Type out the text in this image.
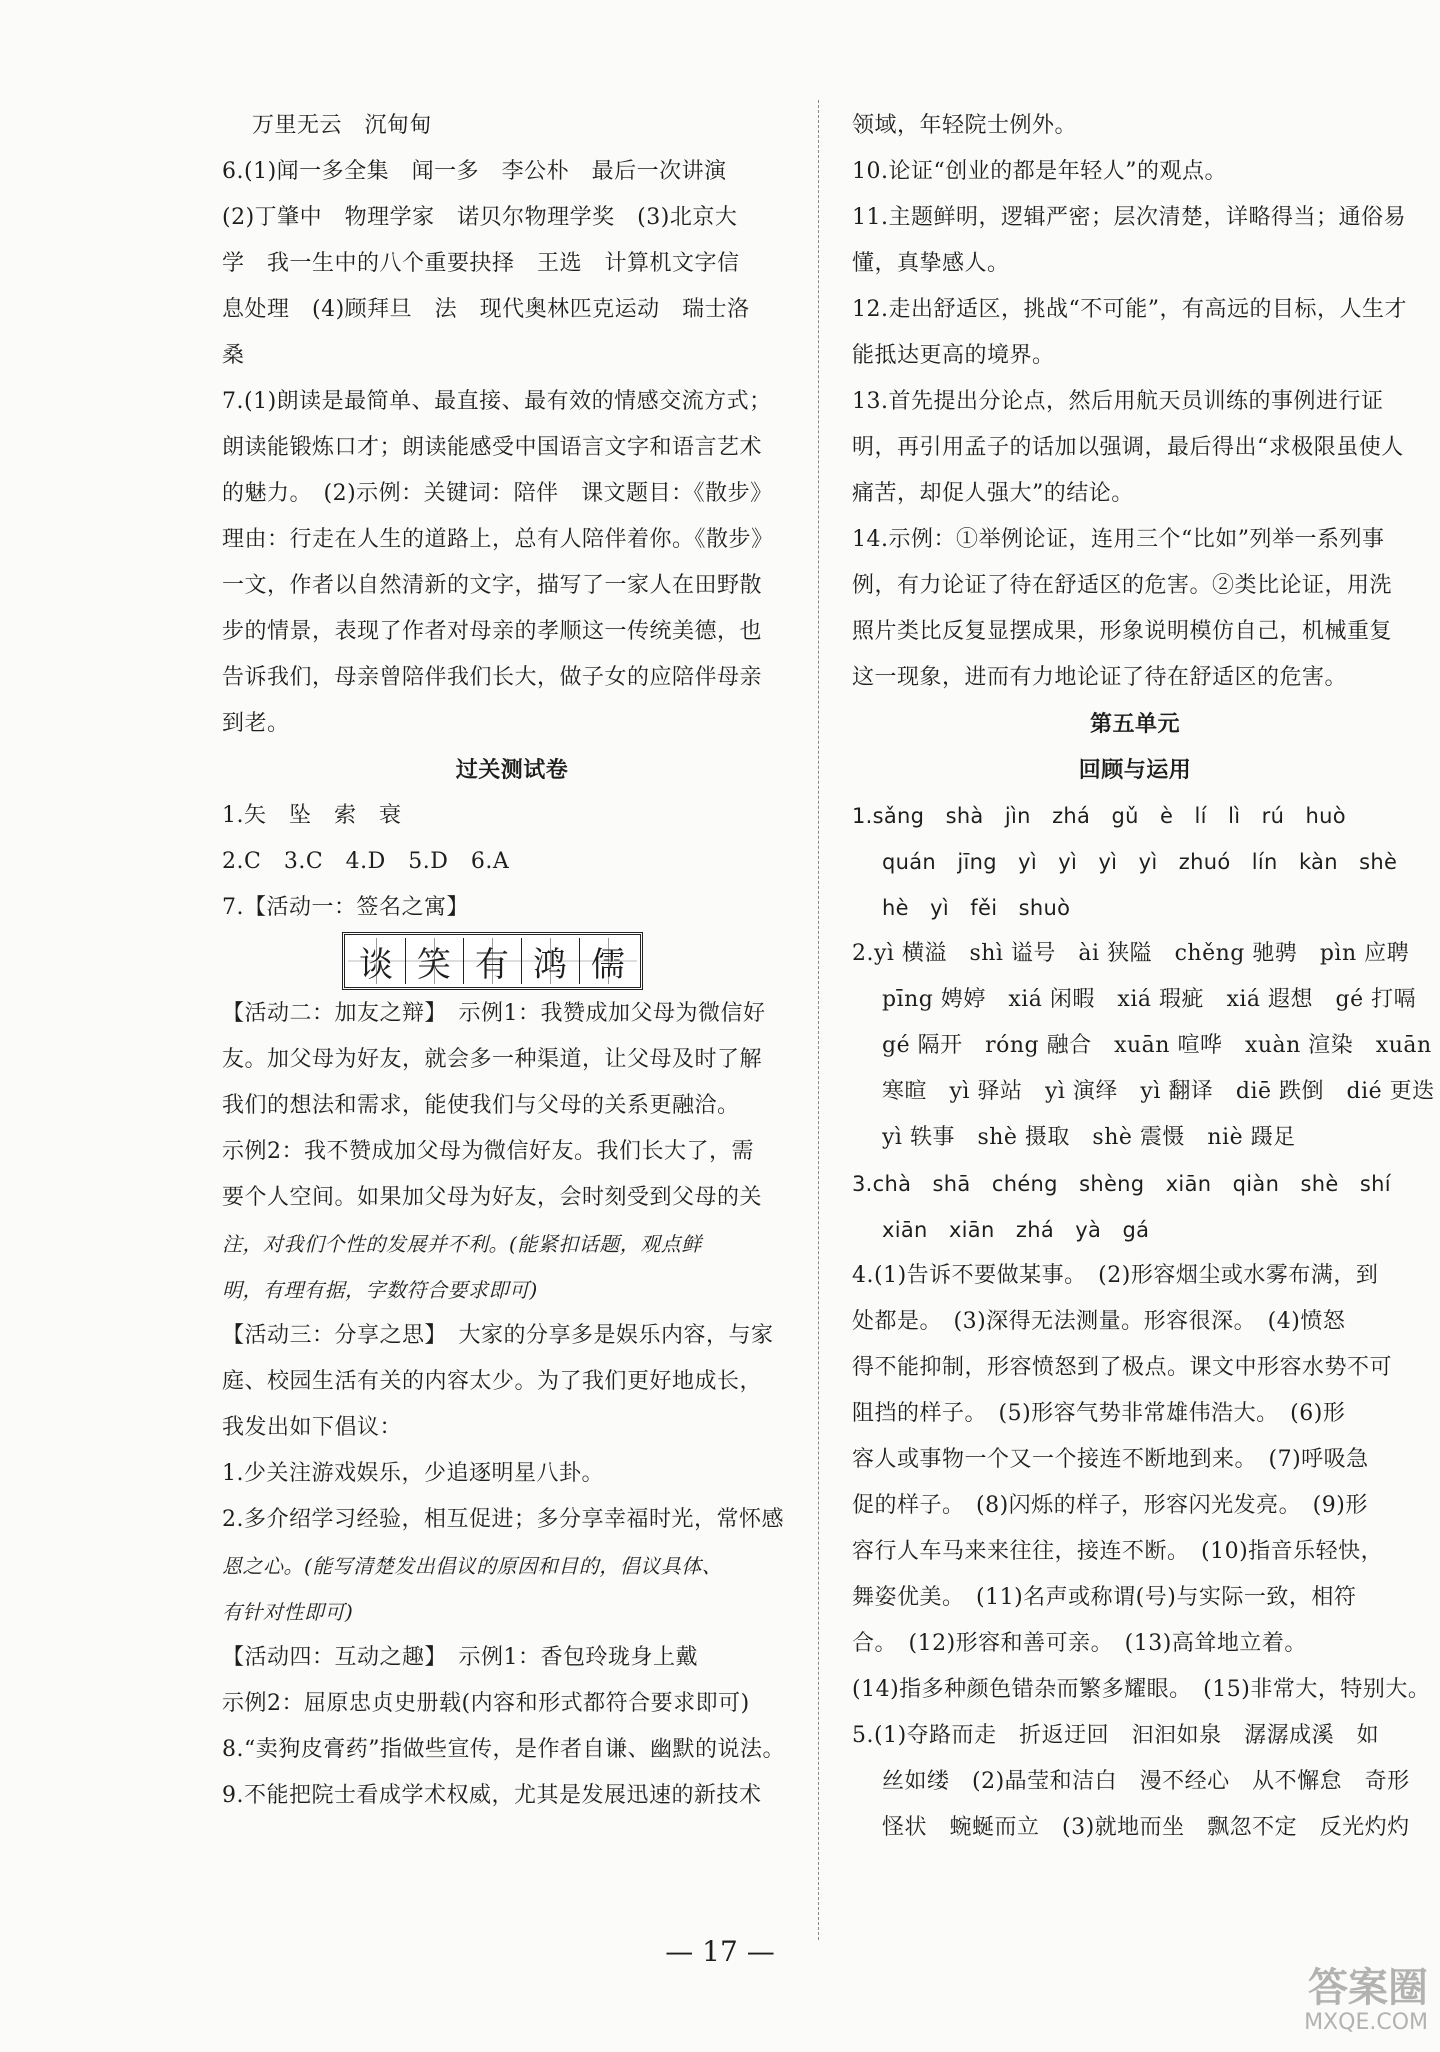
万里无云　沉甸甸
6.(1)闻一多全集　闻一多　李公朴　最后一次讲演
(2)丁肇中　物理学家　诺贝尔物理学奖　(3)北京大
学　我一生中的八个重要抉择　王选　计算机文字信
息处理　(4)顾拜旦　法　现代奥林匹克运动　瑞士洛
桑
7.(1)朗读是最简单、最直接、最有效的情感交流方式；
朗读能锻炼口才；朗读能感受中国语言文字和语言艺术
的魅力。　(2)示例：关键词：陪伴　课文题目：《散步》
理由：行走在人生的道路上，总有人陪伴着你。《散步》
一文，作者以自然清新的文字，描写了一家人在田野散
步的情景，表现了作者对母亲的孝顺这一传统美德，也
告诉我们，母亲曾陪伴我们长大，做子女的应陪伴母亲
到老。
过关测试卷
1.矢　坠　索　衰
2.C　3.C　4.D　5.D　6.A
7.【活动一：签名之寓】
谈 笑 有 鸿 儒
【活动二：加友之辩】　示例1：我赞成加父母为微信好
友。加父母为好友，就会多一种渠道，让父母及时了解
我们的想法和需求，能使我们与父母的关系更融洽。
示例2：我不赞成加父母为微信好友。我们长大了，需
要个人空间。如果加父母为好友，会时刻受到父母的关
注，对我们个性的发展并不利。(能紧扣话题，观点鲜
明，有理有据，字数符合要求即可)
【活动三：分享之思】　大家的分享多是娱乐内容，与家
庭、校园生活有关的内容太少。为了我们更好地成长，
我发出如下倡议：
1.少关注游戏娱乐，少追逐明星八卦。
2.多介绍学习经验，相互促进；多分享幸福时光，常怀感
恩之心。(能写清楚发出倡议的原因和目的，倡议具体、
有针对性即可)
【活动四：互动之趣】　示例1：香包玲珑身上戴
示例2：屈原忠贞史册载(内容和形式都符合要求即可)
8.“卖狗皮膏药”指做些宣传，是作者自谦、幽默的说法。
9.不能把院士看成学术权威，尤其是发展迅速的新技术
领域，年轻院士例外。
10.论证“创业的都是年轻人”的观点。
11.主题鲜明，逻辑严密；层次清楚，详略得当；通俗易
懂，真挚感人。
12.走出舒适区，挑战“不可能”，有高远的目标，人生才
能抵达更高的境界。
13.首先提出分论点，然后用航天员训练的事例进行证
明，再引用孟子的话加以强调，最后得出“求极限虽使人
痛苦，却促人强大”的结论。
14.示例：①举例论证，连用三个“比如”列举一系列事
例，有力论证了待在舒适区的危害。②类比论证，用洗
照片类比反复显摆成果，形象说明模仿自己，机械重复
这一现象，进而有力地论证了待在舒适区的危害。
第五单元
回顾与运用
1.sǎng　shà　jìn　zhá　gǔ　è　lí　lì　rú　huò
quán　jīng　yì　yì　yì　yì　zhuó　lín　kàn　shè
hè　yì　fěi　shuò
2.yì 横溢　shì 谥号　ài 狭隘　chěng 驰骋　pìn 应聘
pīng 娉婷　xiá 闲暇　xiá 瑕疵　xiá 遐想　gé 打嗝
gé 隔开　róng 融合　xuān 喧哗　xuàn 渲染　xuān
寒暄　yì 驿站　yì 演绎　yì 翻译　diē 跌倒　dié 更迭
yì 轶事　shè 摄取　shè 震慑　niè 蹑足
3.chà　shā　chéng　shèng　xiān　qiàn　shè　shí
xiān　xiān　zhá　yà　gá
4.(1)告诉不要做某事。　(2)形容烟尘或水雾布满，到
处都是。　(3)深得无法测量。形容很深。　(4)愤怒
得不能抑制，形容愤怒到了极点。课文中形容水势不可
阻挡的样子。　(5)形容气势非常雄伟浩大。　(6)形
容人或事物一个又一个接连不断地到来。　(7)呼吸急
促的样子。　(8)闪烁的样子，形容闪光发亮。　(9)形
容行人车马来来往往，接连不断。　(10)指音乐轻快，
舞姿优美。　(11)名声或称谓(号)与实际一致，相符
合。　(12)形容和善可亲。　(13)高耸地立着。
(14)指多种颜色错杂而繁多耀眼。　(15)非常大，特别大。
5.(1)夺路而走　折返迂回　汩汩如泉　潺潺成溪　如
丝如缕　(2)晶莹和洁白　漫不经心　从不懈怠　奇形
怪状　蜿蜒而立　(3)就地而坐　飘忽不定　反光灼灼
— 17 —
答案圈
MXQE.COM
